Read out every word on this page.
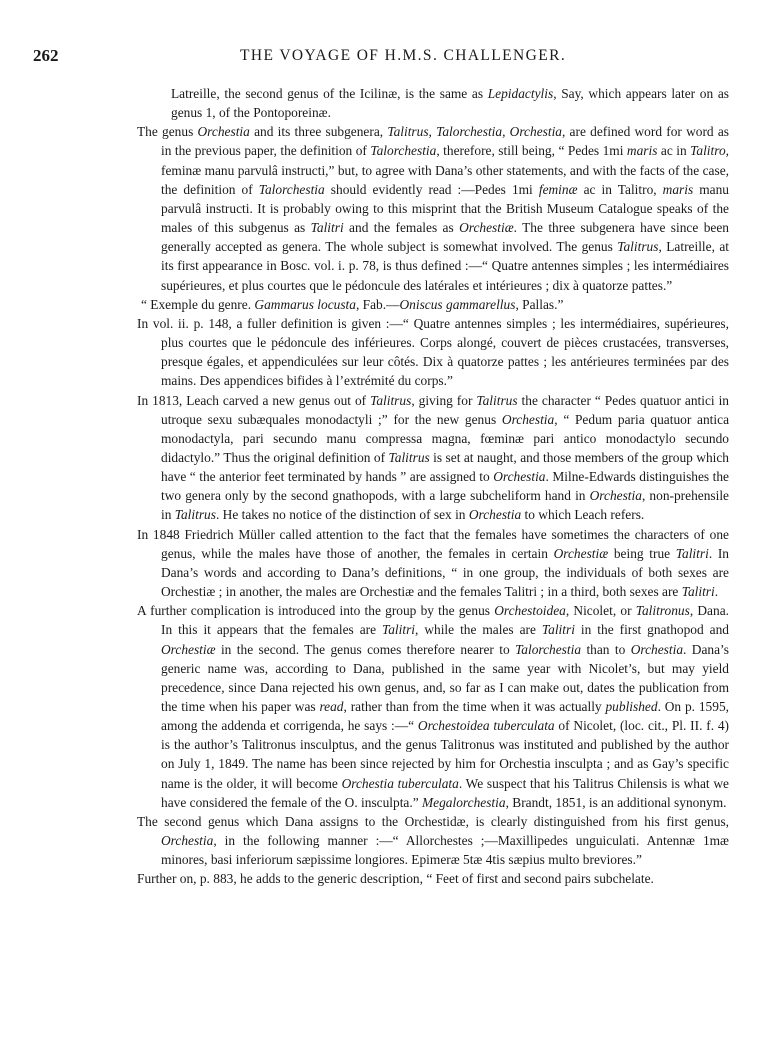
262	THE VOYAGE OF H.M.S. CHALLENGER.

Latreille, the second genus of the Icilinæ, is the same as Lepidactylis, Say, which appears later on as genus 1, of the Pontoporeinæ.

The genus Orchestia and its three subgenera, Talitrus, Talorchestia, Orchestia, are defined word for word as in the previous paper, the definition of Talorchestia, therefore, still being, “ Pedes 1mi maris ac in Talitro, feminæ manu parvulâ instructi,” but, to agree with Dana’s other statements, and with the facts of the case, the definition of Talorchestia should evidently read :—Pedes 1mi feminæ ac in Talitro, maris manu parvulâ instructi. It is probably owing to this misprint that the British Museum Catalogue speaks of the males of this subgenus as Talitri and the females as Orchestiæ. The three subgenera have since been generally accepted as genera. The whole subject is somewhat involved. The genus Talitrus, Latreille, at its first appearance in Bosc. vol. i. p. 78, is thus defined :—“ Quatre antennes simples ; les intermédiaires supérieures, et plus courtes que le pédoncule des latérales et intérieures ; dix à quatorze pattes.”

“ Exemple du genre. Gammarus locusta, Fab.—Oniscus gammarellus, Pallas.”

In vol. ii. p. 148, a fuller definition is given :—“ Quatre antennes simples ; les intermédiaires, supérieures, plus courtes que le pédoncule des inférieures. Corps alongé, couvert de pièces crustacées, transverses, presque égales, et appendiculées sur leur côtés. Dix à quatorze pattes ; les antérieures terminées par des mains. Des appendices bifides à l’extrémité du corps.”

In 1813, Leach carved a new genus out of Talitrus, giving for Talitrus the character “ Pedes quatuor antici in utroque sexu subæquales monodactyli ;” for the new genus Orchestia, “ Pedum paria quatuor antica monodactyla, pari secundo manu compressa magna, fœminæ pari antico monodactylo secundo didactylo.” Thus the original definition of Talitrus is set at naught, and those members of the group which have “ the anterior feet terminated by hands ” are assigned to Orchestia. Milne-Edwards distinguishes the two genera only by the second gnathopods, with a large subcheliform hand in Orchestia, non-prehensile in Talitrus. He takes no notice of the distinction of sex in Orchestia to which Leach refers.

In 1848 Friedrich Müller called attention to the fact that the females have sometimes the characters of one genus, while the males have those of another, the females in certain Orchestiæ being true Talitri. In Dana’s words and according to Dana’s definitions, “ in one group, the individuals of both sexes are Orchestiæ ; in another, the males are Orchestiæ and the females Talitri ; in a third, both sexes are Talitri.

A further complication is introduced into the group by the genus Orchestoidea, Nicolet, or Talitronus, Dana. In this it appears that the females are Talitri, while the males are Talitri in the first gnathopod and Orchestiæ in the second. The genus comes therefore nearer to Talorchestia than to Orchestia. Dana’s generic name was, according to Dana, published in the same year with Nicolet’s, but may yield precedence, since Dana rejected his own genus, and, so far as I can make out, dates the publication from the time when his paper was read, rather than from the time when it was actually published. On p. 1595, among the addenda et corrigenda, he says :—“ Orchestoidea tuberculata of Nicolet, (loc. cit., Pl. II. f. 4) is the author’s Talitronus insculptus, and the genus Talitronus was instituted and published by the author on July 1, 1849. The name has been since rejected by him for Orchestia insculpta ; and as Gay’s specific name is the older, it will become Orchestia tuberculata. We suspect that his Talitrus Chilensis is what we have considered the female of the O. insculpta.” Megalorchestia, Brandt, 1851, is an additional synonym.

The second genus which Dana assigns to the Orchestidæ, is clearly distinguished from his first genus, Orchestia, in the following manner :—“ Allorchestes ;—Maxillipedes unguiculati. Antennæ 1mæ minores, basi inferiorum sæpissime longiores. Epimeræ 5tæ 4tis sæpius multo breviores.”

Further on, p. 883, he adds to the generic description, “ Feet of first and second pairs subchelate.
